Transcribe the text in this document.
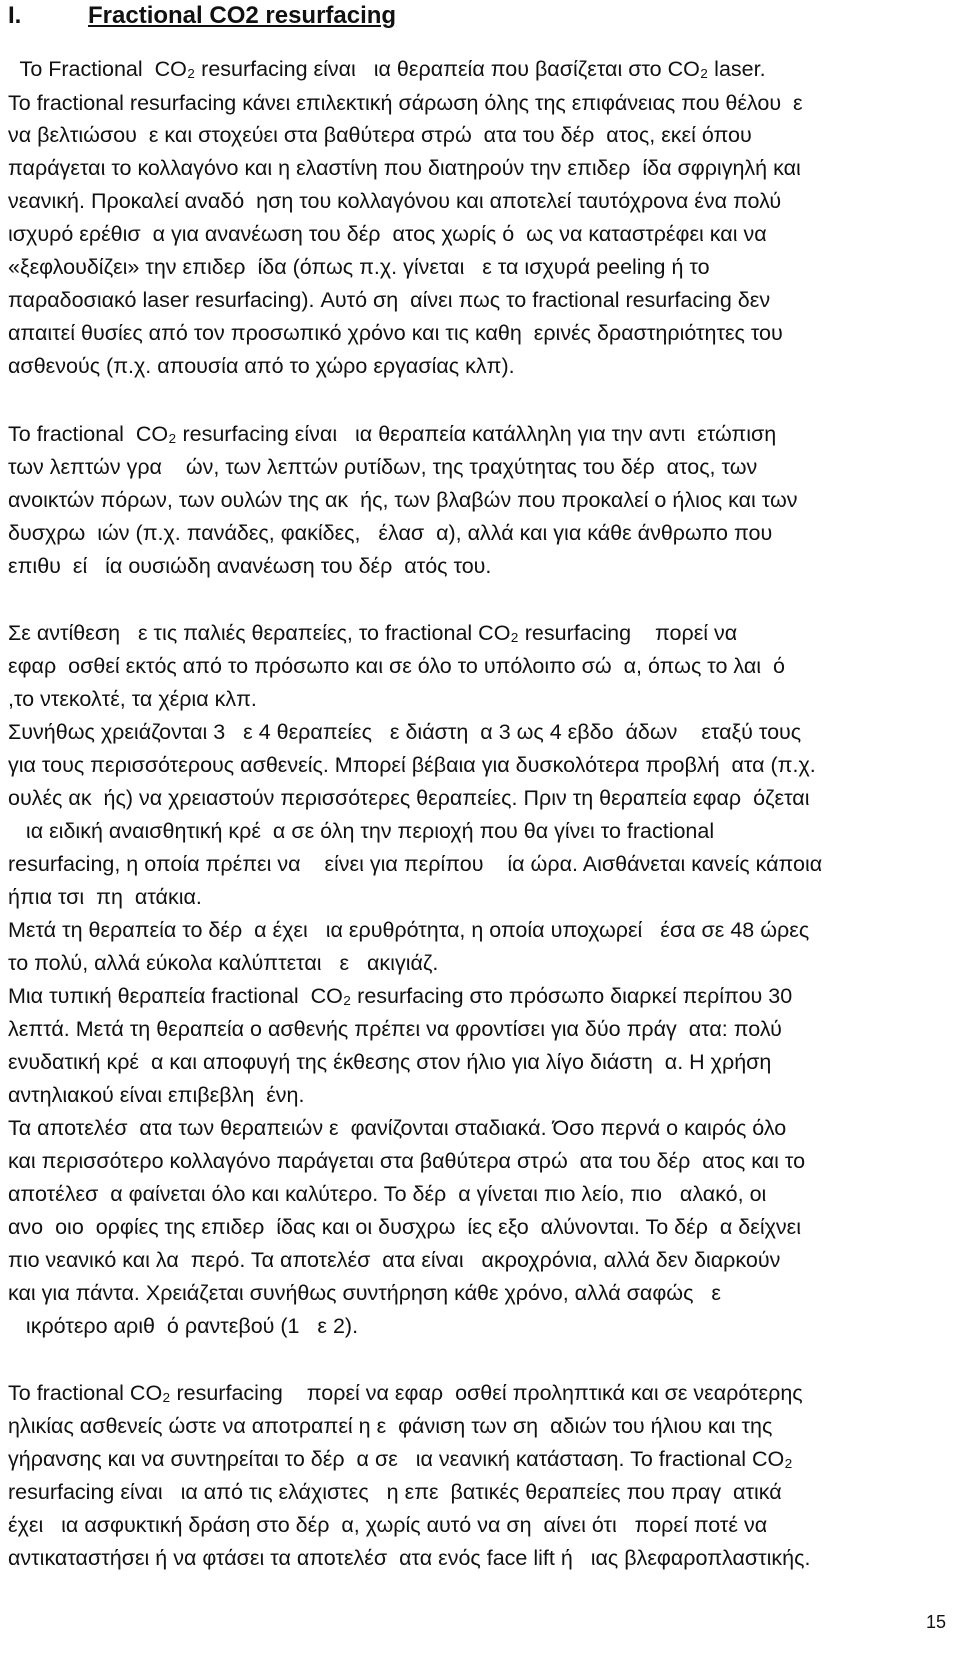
I.	Fractional CO2 resurfacing
Το Fractional  CO₂ resurfacing είναι   ια θεραπεία που βασίζεται στο CO₂ laser.
Το fractional resurfacing κάνει επιλεκτική σάρωση όλης της επιφάνειας που θέλου  ε
να βελτιώσου  ε και στοχεύει στα βαθύτερα στρώ  ατα του δέρ  ατος, εκεί όπου
παράγεται το κολλαγόνο και η ελαστίνη που διατηρούν την επιδερ  ίδα σφριγηλή και
νεανική. Προκαλεί αναδό  ηση του κολλαγόνου και αποτελεί ταυτόχρονα ένα πολύ
ισχυρό ερέθισ  α για ανανέωση του δέρ  ατος χωρίς ό  ως να καταστρέφει και να
«ξεφλουδίζει» την επιδερ  ίδα (όπως π.χ. γίνεται   ε τα ισχυρά peeling ή το
παραδοσιακό laser resurfacing). Αυτό ση  αίνει πως το fractional resurfacing δεν
απαιτεί θυσίες από τον προσωπικό χρόνο και τις καθη  ερινές δραστηριότητες του
ασθενούς (π.χ. απουσία από το χώρο εργασίας κλπ).
Το fractional  CO₂ resurfacing είναι   ια θεραπεία κατάλληλη για την αντι  ετώπιση
των λεπτών γρα    ών, των λεπτών ρυτίδων, της τραχύτητας του δέρ  ατος, των
ανοικτών πόρων, των ουλών της ακ  ής, των βλαβών που προκαλεί ο ήλιος και των
δυσχρω  ιών (π.χ. πανάδες, φακίδες,   έλασ  α), αλλά και για κάθε άνθρωπο που
επιθυ  εί   ία ουσιώδη ανανέωση του δέρ  ατός του.
Σε αντίθεση   ε τις παλιές θεραπείες, το fractional CO₂ resurfacing    πορεί να
εφαρ  οσθεί εκτός από το πρόσωπο και σε όλο το υπόλοιπο σώ  α, όπως το λαι  ό
,το ντεκολτέ, τα χέρια κλπ.
Συνήθως χρειάζονται 3   ε 4 θεραπείες   ε διάστη  α 3 ως 4 εβδο  άδων    εταξύ τους
για τους περισσότερους ασθενείς. Μπορεί βέβαια για δυσκολότερα προβλή  ατα (π.χ.
ουλές ακ  ής) να χρειαστούν περισσότερες θεραπείες. Πριν τη θεραπεία εφαρ  όζεται
ια ειδική αναισθητική κρέ  α σε όλη την περιοχή που θα γίνει το fractional
resurfacing, η οποία πρέπει να    είνει για περίπου    ία ώρα. Αισθάνεται κανείς κάποια
ήπια τσι  πη  ατάκια.
Μετά τη θεραπεία το δέρ  α έχει   ια ερυθρότητα, η οποία υποχωρεί   έσα σε 48 ώρες
το πολύ, αλλά εύκολα καλύπτεται   ε   ακιγιάζ.
Μια τυπική θεραπεία fractional  CO₂ resurfacing στο πρόσωπο διαρκεί περίπου 30
λεπτά. Μετά τη θεραπεία ο ασθενής πρέπει να φροντίσει για δύο πράγ  ατα: πολύ
ενυδατική κρέ  α και αποφυγή της έκθεσης στον ήλιο για λίγο διάστη  α. Η χρήση
αντηλιακού είναι επιβεβλη  ένη.
Τα αποτελέσ  ατα των θεραπειών ε  φανίζονται σταδιακά. Όσο περνά ο καιρός όλο
και περισσότερο κολλαγόνο παράγεται στα βαθύτερα στρώ  ατα του δέρ  ατος και το
αποτέλεσ  α φαίνεται όλο και καλύτερο. Το δέρ  α γίνεται πιο λείο, πιο   αλακό, οι
ανο  οιο  ορφίες της επιδερ  ίδας και οι δυσχρω  ίες εξο  αλύνονται. Το δέρ  α δείχνει
πιο νεανικό και λα  περό. Τα αποτελέσ  ατα είναι   ακροχρόνια, αλλά δεν διαρκούν
και για πάντα. Χρειάζεται συνήθως συντήρηση κάθε χρόνο, αλλά σαφώς   ε
ικρότερο αριθ  ό ραντεβού (1   ε 2).
Το fractional CO₂ resurfacing    πορεί να εφαρ  οσθεί προληπτικά και σε νεαρότερης
ηλικίας ασθενείς ώστε να αποτραπεί η ε  φάνιση των ση  αδιών του ήλιου και της
γήρανσης και να συντηρείται το δέρ  α σε   ια νεανική κατάσταση. Το fractional CO₂
resurfacing είναι   ια από τις ελάχιστες   η επε  βατικές θεραπείες που πραγ  ατικά
έχει   ια ασφυκτική δράση στο δέρ  α, χωρίς αυτό να ση  αίνει ότι   πορεί ποτέ να
αντικαταστήσει ή να φτάσει τα αποτελέσ  ατα ενός face lift ή   ιας βλεφαροπλαστικής.
15
